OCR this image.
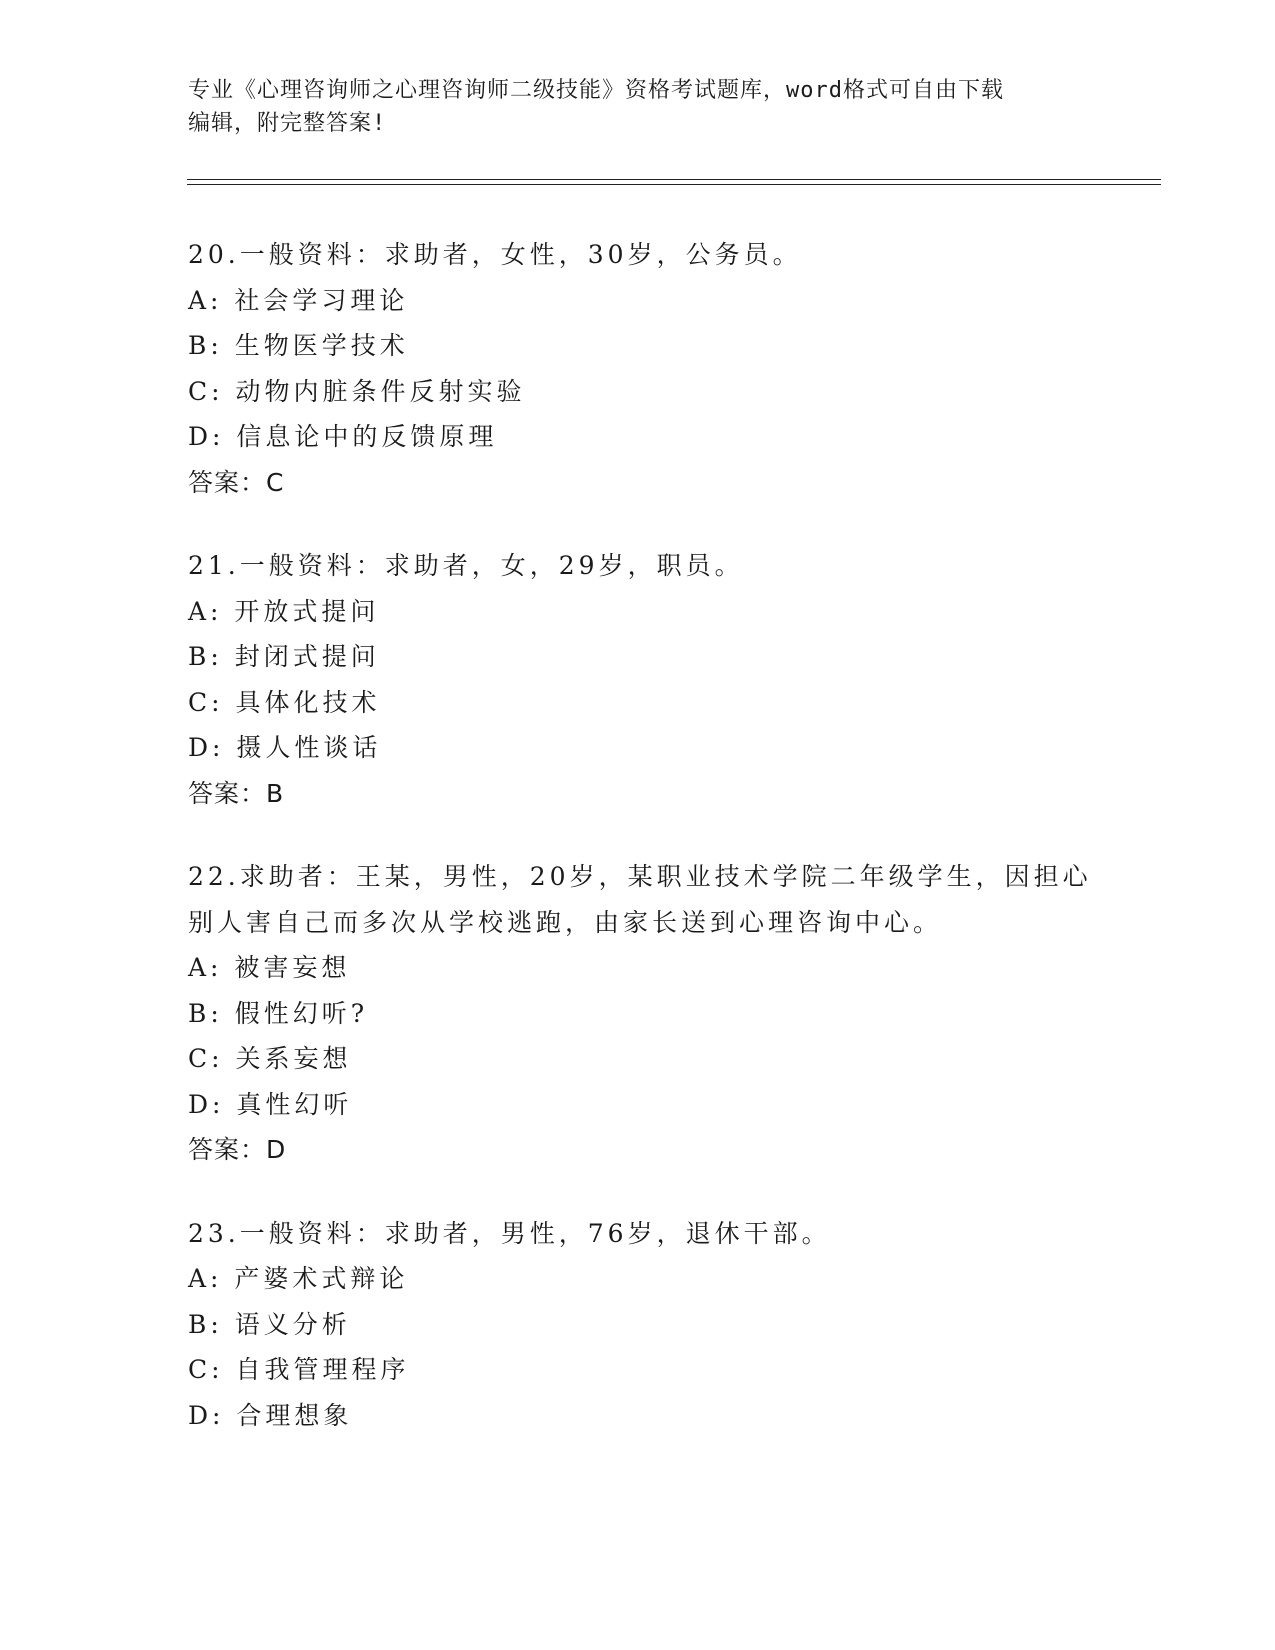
专业《心理咨询师之心理咨询师二级技能》资格考试题库，word格式可自由下载
编辑，附完整答案!
20.一般资料：求助者，女性，30岁，公务员。
A: 社会学习理论
B: 生物医学技术
C: 动物内脏条件反射实验
D: 信息论中的反馈原理
答案：C
21.一般资料：求助者，女，29岁，职员。
A: 开放式提问
B: 封闭式提问
C: 具体化技术
D: 摄人性谈话
答案：B
22.求助者：王某，男性，20岁，某职业技术学院二年级学生，因担心别人害自己而多次从学校逃跑，由家长送到心理咨询中心。
A: 被害妄想
B: 假性幻听?
C: 关系妄想
D: 真性幻听
答案：D
23.一般资料：求助者，男性，76岁，退休干部。
A: 产婆术式辩论
B: 语义分析
C: 自我管理程序
D: 合理想象
